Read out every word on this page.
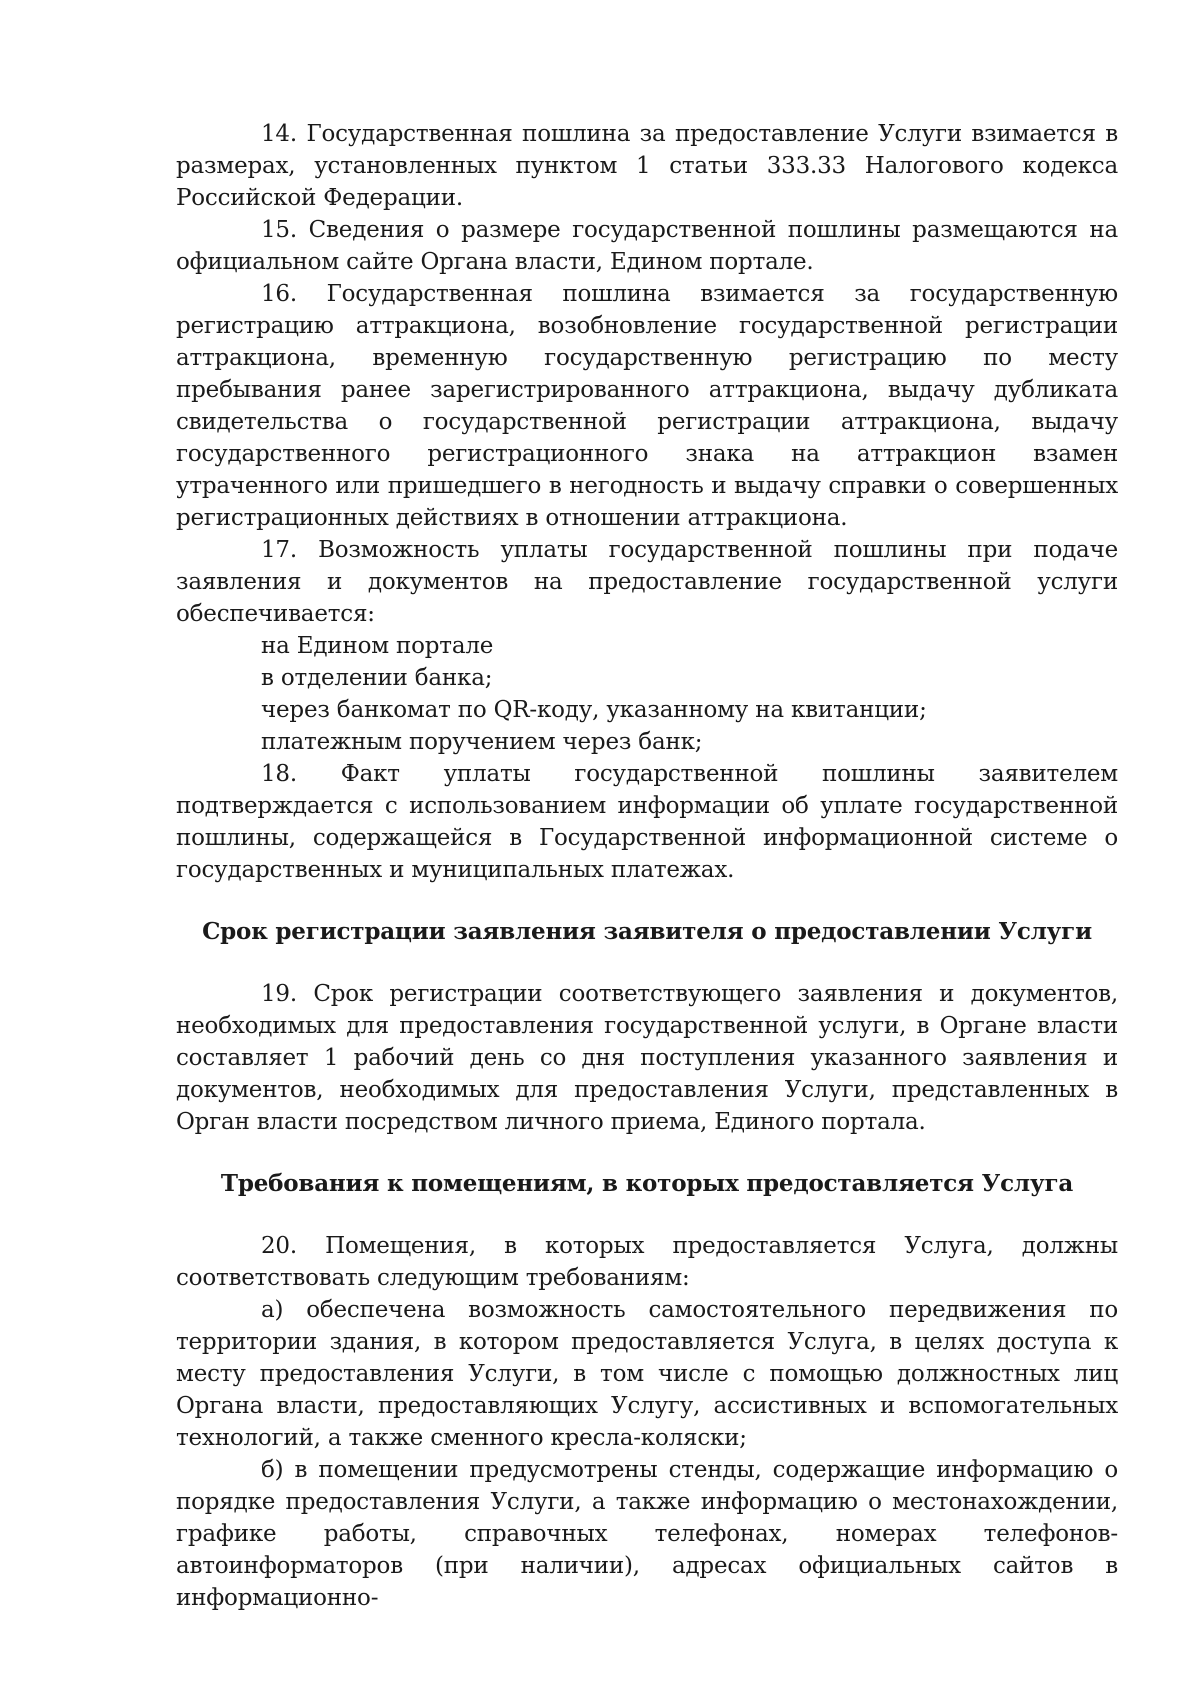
14. Государственная пошлина за предоставление Услуги взимается в размерах, установленных пунктом 1 статьи 333.33 Налогового кодекса Российской Федерации.

15. Сведения о размере государственной пошлины размещаются на официальном сайте Органа власти, Едином портале.

16. Государственная пошлина взимается за государственную регистрацию аттракциона, возобновление государственной регистрации аттракциона, временную государственную регистрацию по месту пребывания ранее зарегистрированного аттракциона, выдачу дубликата свидетельства о государственной регистрации аттракциона, выдачу государственного регистрационного знака на аттракцион взамен утраченного или пришедшего в негодность и выдачу справки о совершенных регистрационных действиях в отношении аттракциона.

17. Возможность уплаты государственной пошлины при подаче заявления и документов на предоставление государственной услуги обеспечивается:

на Едином портале

в отделении банка;

через банкомат по QR-коду, указанному на квитанции;

платежным поручением через банк;

18. Факт уплаты государственной пошлины заявителем подтверждается с использованием информации об уплате государственной пошлины, содержащейся в Государственной информационной системе о государственных и муниципальных платежах.

Срок регистрации заявления заявителя о предоставлении Услуги

19. Срок регистрации соответствующего заявления и документов, необходимых для предоставления государственной услуги, в Органе власти составляет 1 рабочий день со дня поступления указанного заявления и документов, необходимых для предоставления Услуги, представленных в Орган власти посредством личного приема, Единого портала.

Требования к помещениям, в которых предоставляется Услуга

20. Помещения, в которых предоставляется Услуга, должны соответствовать следующим требованиям:

а) обеспечена возможность самостоятельного передвижения по территории здания, в котором предоставляется Услуга, в целях доступа к месту предоставления Услуги, в том числе с помощью должностных лиц Органа власти, предоставляющих Услугу, ассистивных и вспомогательных технологий, а также сменного кресла-коляски;

б) в помещении предусмотрены стенды, содержащие информацию о порядке предоставления Услуги, а также информацию о местонахождении, графике работы, справочных телефонах, номерах телефонов-автоинформаторов (при наличии), адресах официальных сайтов в информационно-
